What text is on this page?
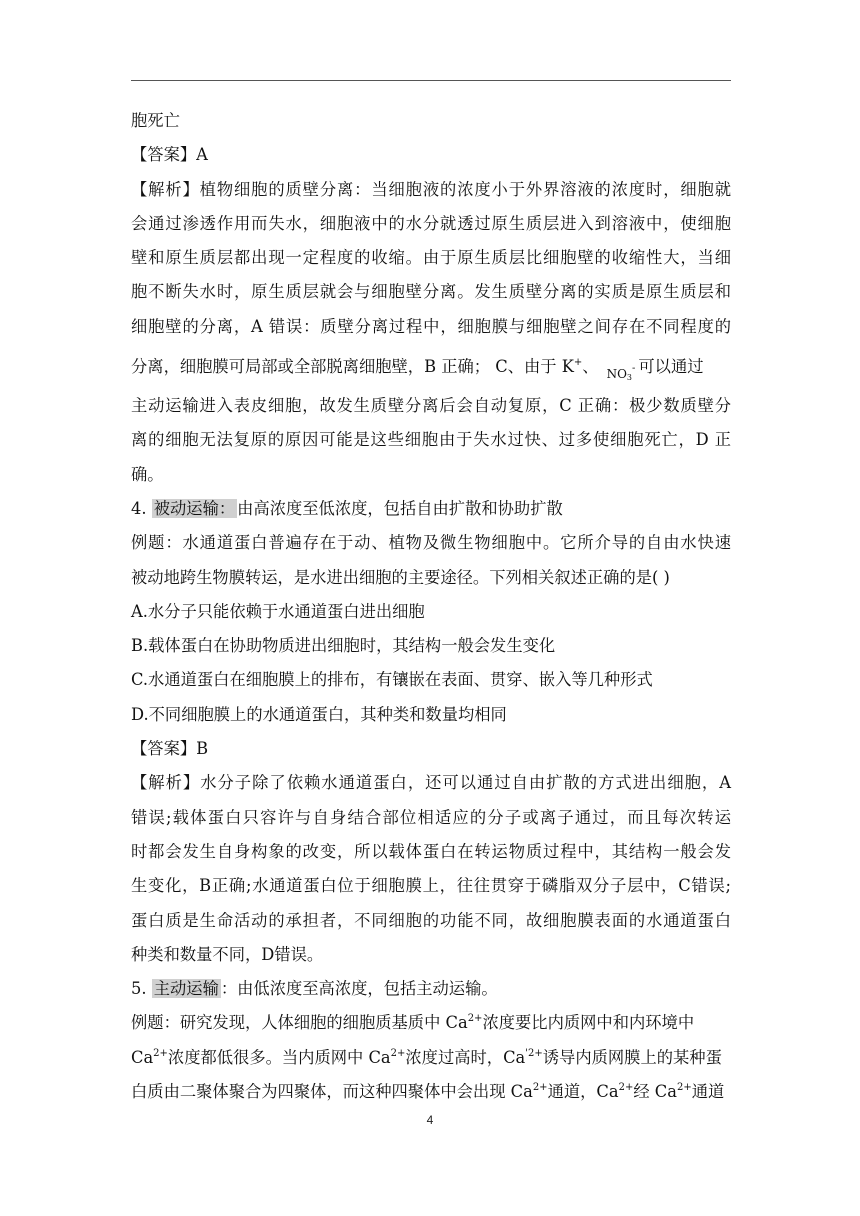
胞死亡
【答案】A
【解析】植物细胞的质壁分离：当细胞液的浓度小于外界溶液的浓度时，细胞就
会通过渗透作用而失水，细胞液中的水分就透过原生质层进入到溶液中，使细胞
壁和原生质层都出现一定程度的收缩。由于原生质层比细胞壁的收缩性大，当细
胞不断失水时，原生质层就会与细胞壁分离。发生质壁分离的实质是原生质层和
细胞壁的分离，A 错误：质壁分离过程中，细胞膜与细胞壁之间存在不同程度的
分离，细胞膜可局部或全部脱离细胞壁，B 正确； C、由于 K+、 $NO_3^-$ 可以通过
主动运输进入表皮细胞，故发生质壁分离后会自动复原，C 正确：极少数质壁分
离的细胞无法复原的原因可能是这些细胞由于失水过快、过多使细胞死亡，D 正
确。
4. 被动运输： 由高浓度至低浓度，包括自由扩散和协助扩散
例题：水通道蛋白普遍存在于动、植物及微生物细胞中。它所介导的自由水快速
被动地跨生物膜转运，是水进出细胞的主要途径。下列相关叙述正确的是( )
A.水分子只能依赖于水通道蛋白进出细胞
B.载体蛋白在协助物质进出细胞时，其结构一般会发生变化
C.水通道蛋白在细胞膜上的排布，有镶嵌在表面、贯穿、嵌入等几种形式
D.不同细胞膜上的水通道蛋白，其种类和数量均相同
【答案】B
【解析】水分子除了依赖水通道蛋白，还可以通过自由扩散的方式进出细胞，A
错误;载体蛋白只容许与自身结合部位相适应的分子或离子通过，而且每次转运
时都会发生自身构象的改变，所以载体蛋白在转运物质过程中，其结构一般会发
生变化，B正确;水通道蛋白位于细胞膜上，往往贯穿于磷脂双分子层中，C错误;
蛋白质是生命活动的承担者，不同细胞的功能不同，故细胞膜表面的水通道蛋白
种类和数量不同，D错误。
5. 主动运输 ：由低浓度至高浓度，包括主动运输。
例题：研究发现，人体细胞的细胞质基质中 $Ca^{2+}$浓度要比内质网中和内环境中
$Ca^{2+}$浓度都低很多。当内质网中 $Ca^{2+}$浓度过高时，$Ca^{'2+}$诱导内质网膜上的某种蛋
白质由二聚体聚合为四聚体，而这种四聚体中会出现 $Ca^{2+}$通道，$Ca^{2+}$经 $Ca^{2+}$通道
4
